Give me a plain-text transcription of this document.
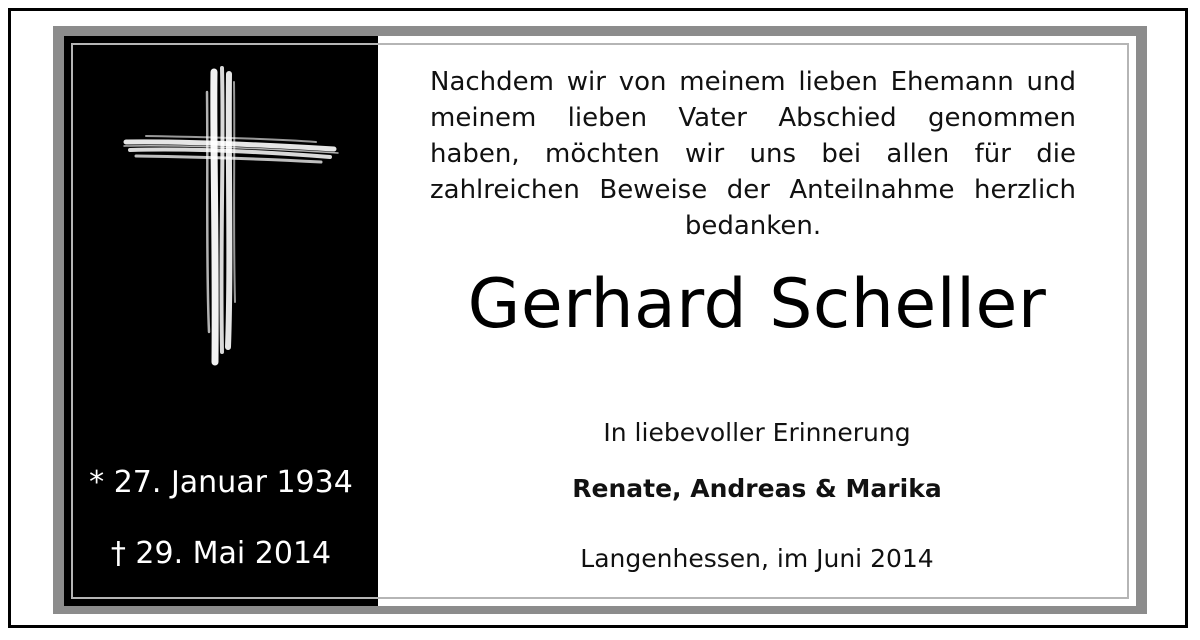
* 27. Januar 1934
† 29. Mai 2014
Nachdem wir von meinem lieben Ehemann und meinem lieben Vater Abschied genommen haben, möchten wir uns bei allen für die zahlreichen Beweise der Anteilnahme herzlich bedanken.
Gerhard Scheller
In liebevoller Erinnerung
Renate, Andreas & Marika
Langenhessen, im Juni 2014
